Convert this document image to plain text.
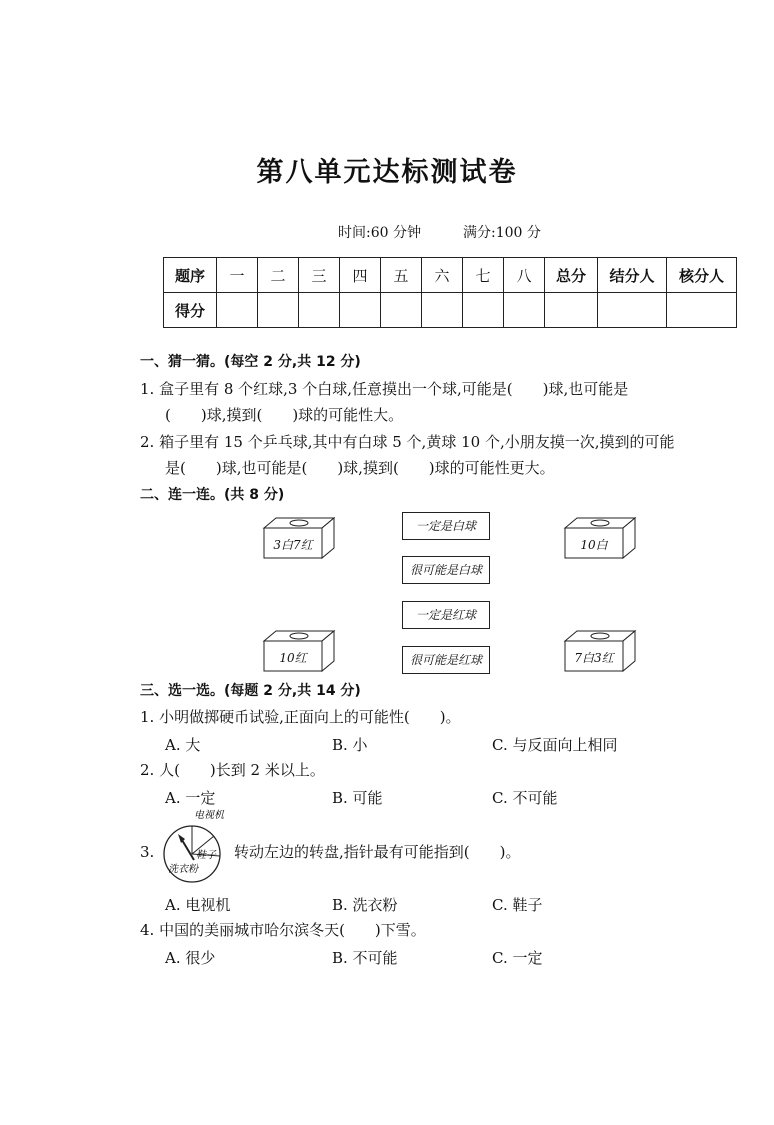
第八单元达标测试卷
时间:60 分钟　　　	满分:100 分
题序	一	二	三	四	五	六	七	八	总分	结分人	核分人
得分											
一、猜一猜。(每空 2 分,共 12 分)
1. 盒子里有 8 个红球,3 个白球,任意摸出一个球,可能是(　　)球,也可能是
(　　)球,摸到(　　)球的可能性大。
2. 箱子里有 15 个乒乓球,其中有白球 5 个,黄球 10 个,小朋友摸一次,摸到的可能
是(　　)球,也可能是(　　)球,摸到(　　)球的可能性更大。
二、连一连。(共 8 分)
3白7红
10红
10白
7白3红
一定是白球
很可能是白球
一定是红球
很可能是红球
三、选一选。(每题 2 分,共 14 分)
1. 小明做掷硬币试验,正面向上的可能性(　　)。
A. 大	B. 小	C. 与反面向上相同
2. 人(　　)长到 2 米以上。
A. 一定	B. 可能	C. 不可能
3.
电视机
鞋子
洗衣粉
转动左边的转盘,指针最有可能指到(　　)。
A. 电视机	B. 洗衣粉	C. 鞋子
4. 中国的美丽城市哈尔滨冬天(　　)下雪。
A. 很少	B. 不可能	C. 一定
